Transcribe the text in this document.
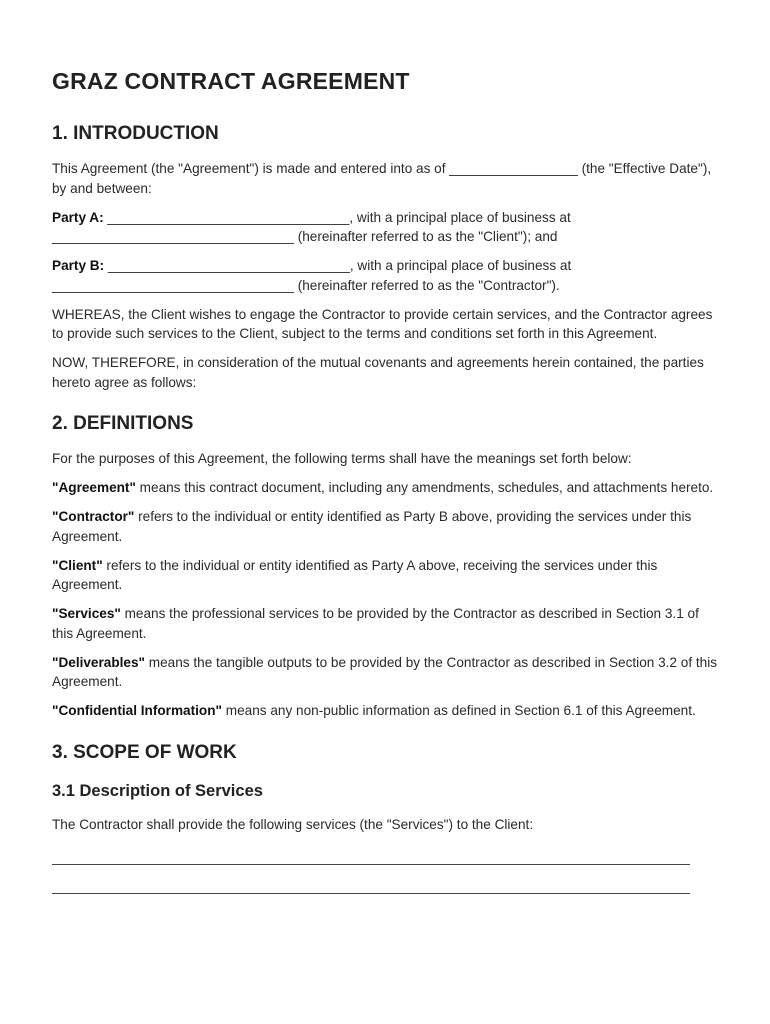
GRAZ CONTRACT AGREEMENT
1. INTRODUCTION

This Agreement (the "Agreement") is made and entered into as of _________________ (the "Effective Date"), by and between:

Party A: ________________________________, with a principal place of business at ________________________________ (hereinafter referred to as the "Client"); and

Party B: ________________________________, with a principal place of business at ________________________________ (hereinafter referred to as the "Contractor").

WHEREAS, the Client wishes to engage the Contractor to provide certain services, and the Contractor agrees to provide such services to the Client, subject to the terms and conditions set forth in this Agreement.

NOW, THEREFORE, in consideration of the mutual covenants and agreements herein contained, the parties hereto agree as follows:

2. DEFINITIONS

For the purposes of this Agreement, the following terms shall have the meanings set forth below:

"Agreement" means this contract document, including any amendments, schedules, and attachments hereto.

"Contractor" refers to the individual or entity identified as Party B above, providing the services under this Agreement.

"Client" refers to the individual or entity identified as Party A above, receiving the services under this Agreement.

"Services" means the professional services to be provided by the Contractor as described in Section 3.1 of this Agreement.

"Deliverables" means the tangible outputs to be provided by the Contractor as described in Section 3.2 of this Agreement.

"Confidential Information" means any non-public information as defined in Section 6.1 of this Agreement.

3. SCOPE OF WORK
3.1 Description of Services

The Contractor shall provide the following services (the "Services") to the Client:
